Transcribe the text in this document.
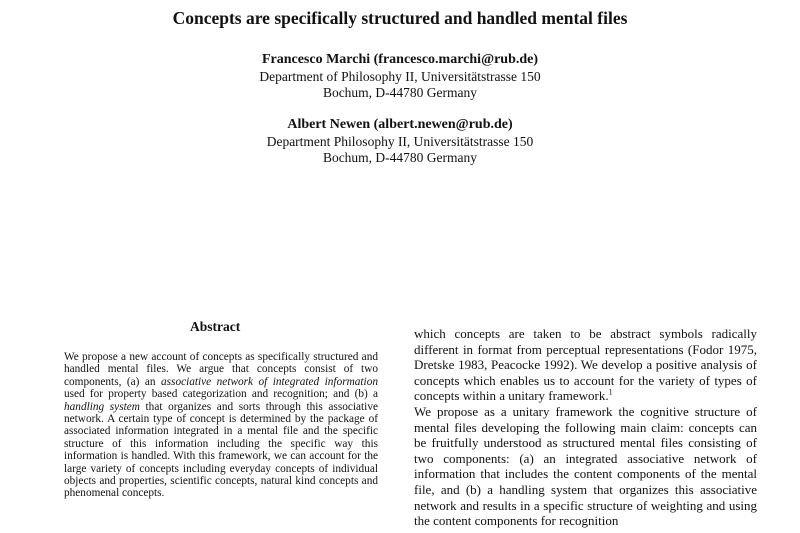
Concepts are specifically structured and handled mental files
Francesco Marchi (francesco.marchi@rub.de)
Department of Philosophy II, Universitätstrasse 150
Bochum, D-44780 Germany
Albert Newen (albert.newen@rub.de)
Department Philosophy II, Universitätstrasse 150
Bochum, D-44780 Germany
Abstract

We propose a new account of concepts as specifically structured and handled mental files. We argue that concepts consist of two components, (a) an associative network of integrated information used for property based categorization and recognition; and (b) a handling system that organizes and sorts through this associative network. A certain type of concept is determined by the package of associated information integrated in a mental file and the specific structure of this information including the specific way this information is handled. With this framework, we can account for the large variety of concepts including everyday concepts of individual objects and properties, scientific concepts, natural kind concepts and phenomenal concepts.

which concepts are taken to be abstract symbols radically different in format from perceptual representations (Fodor 1975, Dretske 1983, Peacocke 1992). We develop a positive analysis of concepts which enables us to account for the variety of types of concepts within a unitary framework.$^1$

We propose as a unitary framework the cognitive structure of mental files developing the following main claim: concepts can be fruitfully understood as structured mental files consisting of two components: (a) an integrated associative network of information that includes the content components of the mental file, and (b) a handling system that organizes this associative network and results in a specific structure of weighting and using the content components for recognition
